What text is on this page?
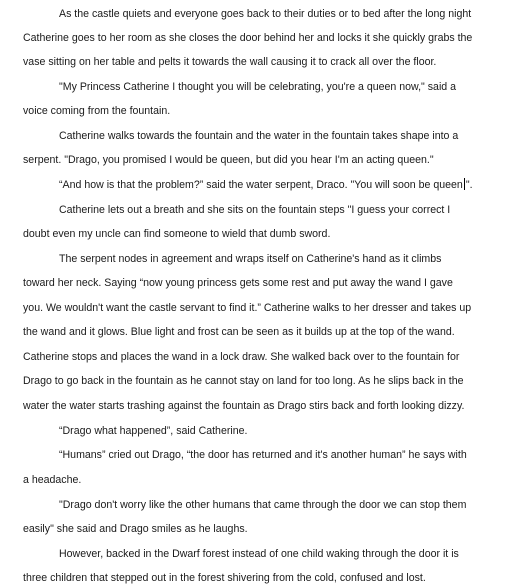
As the castle quiets and everyone goes back to their duties or to bed after the long night
Catherine goes to her room as she closes the door behind her and locks it she quickly grabs the
vase sitting on her table and pelts it towards the wall causing it to crack all over the floor.
"My Princess Catherine I thought you will be celebrating, you're a queen now," said a
voice coming from the fountain.
Catherine walks towards the fountain and the water in the fountain takes shape into a
serpent. "Drago, you promised I would be queen, but did you hear I'm an acting queen."
“And how is that the problem?” said the water serpent, Draco. "You will soon be queen ".
Catherine lets out a breath and she sits on the fountain steps "I guess your correct I
doubt even my uncle can find someone to wield that dumb sword.
The serpent nodes in agreement and wraps itself on Catherine's hand as it climbs
toward her neck. Saying “now young princess gets some rest and put away the wand I gave
you. We wouldn't want the castle servant to find it.” Catherine walks to her dresser and takes up
the wand and it glows. Blue light and frost can be seen as it builds up at the top of the wand.
Catherine stops and places the wand in a lock draw. She walked back over to the fountain for
Drago to go back in the fountain as he cannot stay on land for too long. As he slips back in the
water the water starts trashing against the fountain as Drago stirs back and forth looking dizzy.
“Drago what happened”, said Catherine.
“Humans” cried out Drago, “the door has returned and it's another human” he says with
a headache.
"Drago don't worry like the other humans that came through the door we can stop them
easily" she said and Drago smiles as he laughs.
However, backed in the Dwarf forest instead of one child waking through the door it is
three children that stepped out in the forest shivering from the cold, confused and lost.
